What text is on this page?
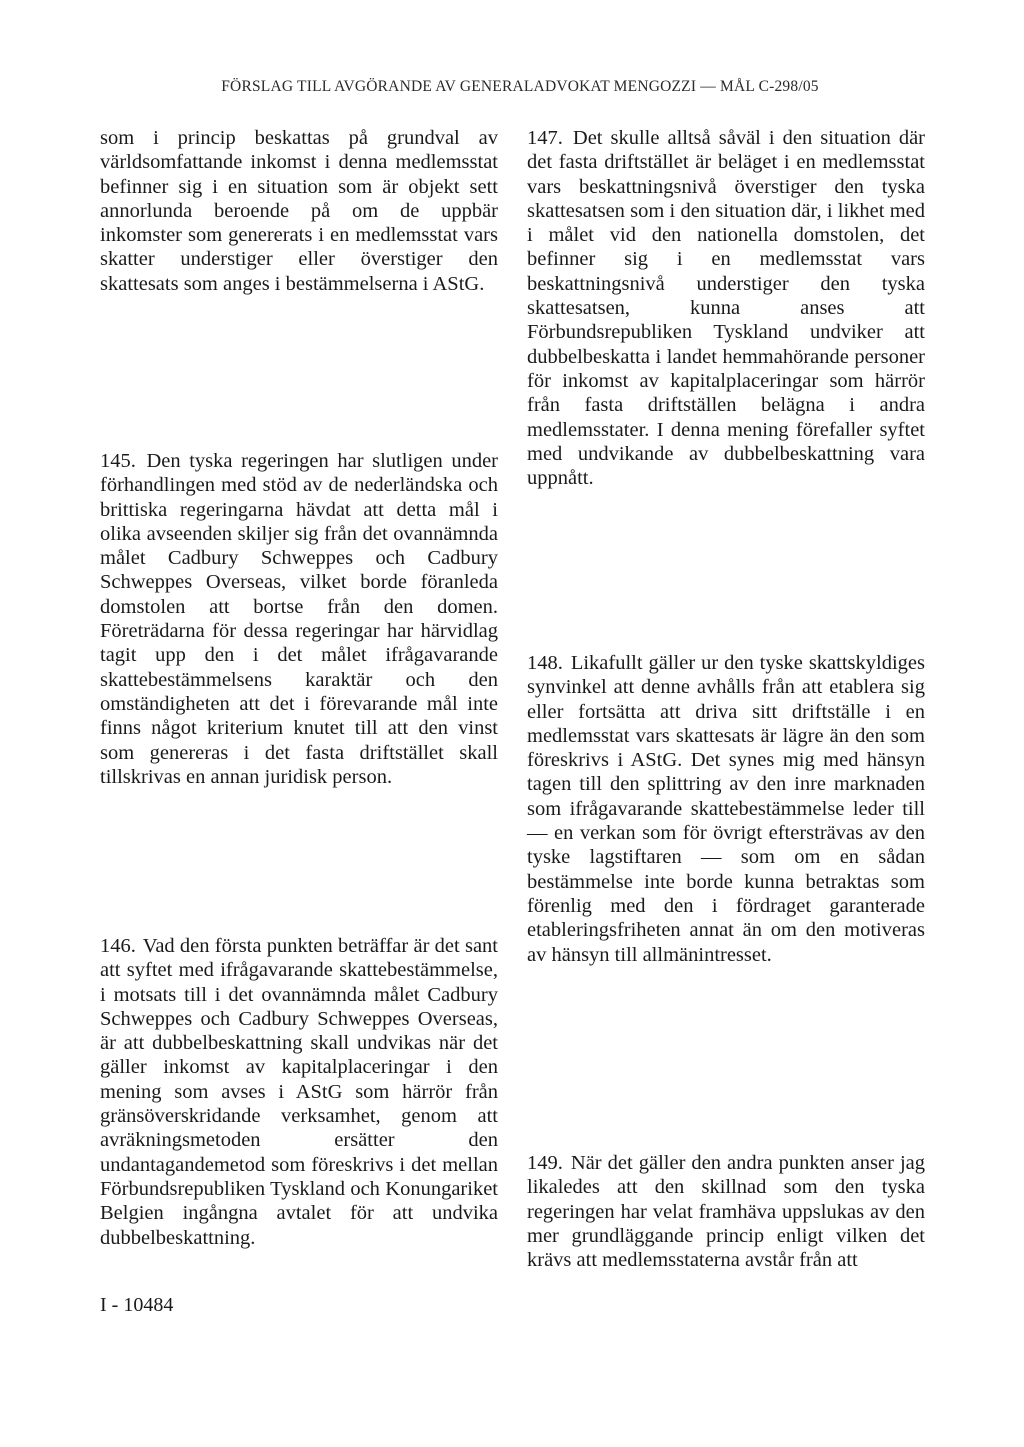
FÖRSLAG TILL AVGÖRANDE AV GENERALADVOKAT MENGOZZI — MÅL C-298/05

som i princip beskattas på grundval av världsomfattande inkomst i denna medlemsstat befinner sig i en situation som är objekt sett annorlunda beroende på om de uppbär inkomster som genererats i en medlemsstat vars skatter understiger eller överstiger den skattesats som anges i bestämmelserna i AStG.

145. Den tyska regeringen har slutligen under förhandlingen med stöd av de nederländska och brittiska regeringarna hävdat att detta mål i olika avseenden skiljer sig från det ovannämnda målet Cadbury Schweppes och Cadbury Schweppes Overseas, vilket borde föranleda domstolen att bortse från den domen. Företrädarna för dessa regeringar har härvidlag tagit upp den i det målet ifrågavarande skattebestämmelsens karaktär och den omständigheten att det i förevarande mål inte finns något kriterium knutet till att den vinst som genereras i det fasta driftstället skall tillskrivas en annan juridisk person.

146. Vad den första punkten beträffar är det sant att syftet med ifrågavarande skattebestämmelse, i motsats till i det ovannämnda målet Cadbury Schweppes och Cadbury Schweppes Overseas, är att dubbelbeskattning skall undvikas när det gäller inkomst av kapitalplaceringar i den mening som avses i AStG som härrör från gränsöverskridande verksamhet, genom att avräkningsmetoden ersätter den undantagandemetod som föreskrivs i det mellan Förbundsrepubliken Tyskland och Konungariket Belgien ingångna avtalet för att undvika dubbelbeskattning.

147. Det skulle alltså såväl i den situation där det fasta driftstället är beläget i en medlemsstat vars beskattningsnivå överstiger den tyska skattesatsen som i den situation där, i likhet med i målet vid den nationella domstolen, det befinner sig i en medlemsstat vars beskattningsnivå understiger den tyska skattesatsen, kunna anses att Förbundsrepubliken Tyskland undviker att dubbelbeskatta i landet hemmahörande personer för inkomst av kapitalplaceringar som härrör från fasta driftställen belägna i andra medlemsstater. I denna mening förefaller syftet med undvikande av dubbelbeskattning vara uppnått.

148. Likafullt gäller ur den tyske skattskyldiges synvinkel att denne avhålls från att etablera sig eller fortsätta att driva sitt driftställe i en medlemsstat vars skattesats är lägre än den som föreskrivs i AStG. Det synes mig med hänsyn tagen till den splittring av den inre marknaden som ifrågavarande skattebestämmelse leder till — en verkan som för övrigt eftersträvas av den tyske lagstiftaren — som om en sådan bestämmelse inte borde kunna betraktas som förenlig med den i fördraget garanterade etableringsfriheten annat än om den motiveras av hänsyn till allmänintresset.

149. När det gäller den andra punkten anser jag likaledes att den skillnad som den tyska regeringen har velat framhäva uppslukas av den mer grundläggande princip enligt vilken det krävs att medlemsstaterna avstår från att

I - 10484
